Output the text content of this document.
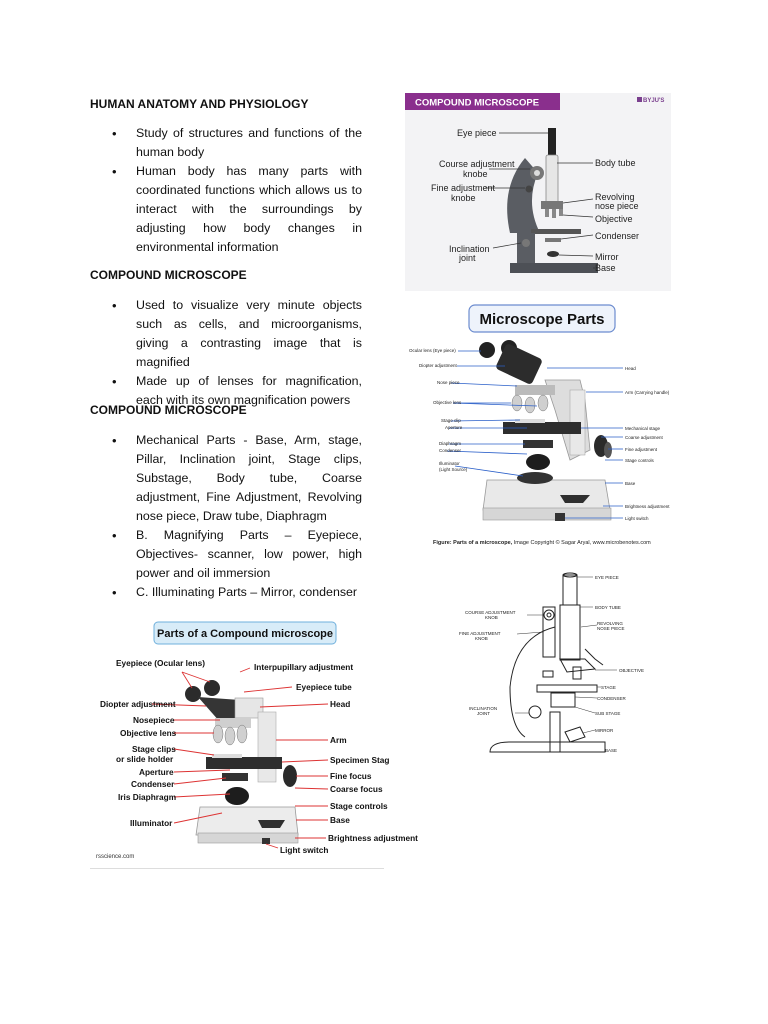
HUMAN ANATOMY AND PHYSIOLOGY

• Study of structures and functions of the human body
• Human body has many parts with coordinated functions which allows us to interact with the surroundings by adjusting how body changes in environmental information

COMPOUND MICROSCOPE

• Used to visualize very minute objects such as cells, and microorganisms, giving a contrasting image that is magnified
• Made up of lenses for magnification, each with its own magnification powers

COMPOUND MICROSCOPE

• Mechanical Parts - Base, Arm, stage, Pillar, Inclination joint, Stage clips, Substage, Body tube, Coarse adjustment, Fine Adjustment, Revolving nose piece, Draw tube, Diaphragm
• B. Magnifying Parts – Eyepiece, Objectives- scanner, low power, high power and oil immersion
• C. Illuminating Parts – Mirror, condenser
COMPOUND MICROSCOPE	BYJU'S
Eye piece
Course adjustment
knobe
Fine adjustment
knobe
Body tube
Revolving
nose piece
Objective
Condenser
Inclination
joint	Mirror
Base
Microscope Parts
Ocular lens (Eye piece)
Diopter adjustment
Nose piece
Objective lens
Stage clip
Aperture
Diaphragm
Condenser
Illuminator
(Light Source)
Head
Arm (Carrying handle)
Mechanical stage
Coarse adjustment
Fine adjustment
Stage controls
Base
Brightness adjustment
Light switch
Figure: Parts of a microscope, Image Copyright © Sagar Aryal, www.microbenotes.com
EYE PIECE
COURSE ADJUSTMENT
KNOB
BODY TUBE
REVOLVING
NOSE PIECE
FINE ADJUSTMENT
KNOB
OBJECTIVE
STAGE
CONDENSER
INCLINATION
JOINT	SUB STAGE
MIRROR
BASE
Parts of a Compound microscope
Eyepiece (Ocular lens)
Diopter adjustment
Nosepiece
Objective lens
Stage clips
or slide holder
Aperture
Condenser
Iris Diaphragm
Illuminator
Interpupillary adjustment
Eyepiece tube
Head
Arm
Specimen Stag
Fine focus
Coarse focus
Stage controls
Base
Brightness adjustment
Light switch
rsscience.com
